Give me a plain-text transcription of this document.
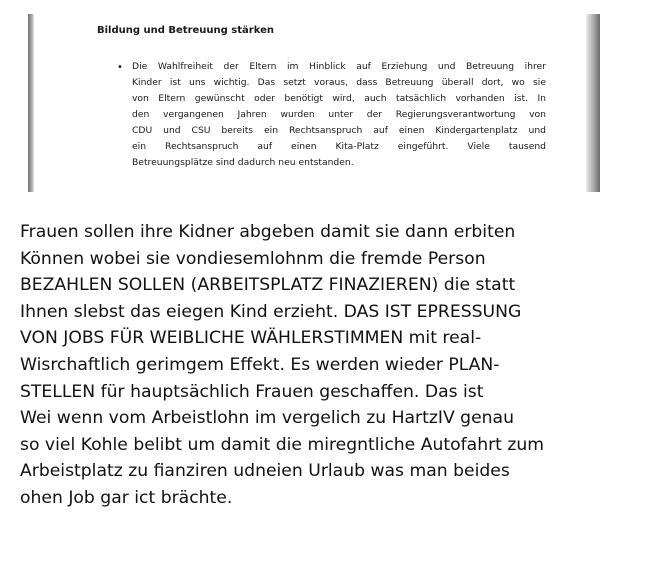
Bildung und Betreuung stärken
• Die Wahlfreiheit der Eltern im Hinblick auf Erziehung und Betreuung ihrer
Kinder ist uns wichtig. Das setzt voraus, dass Betreuung überall dort, wo sie
von Eltern gewünscht oder benötigt wird, auch tatsächlich vorhanden ist. In
den vergangenen Jahren wurden unter der Regierungsverantwortung von
CDU und CSU bereits ein Rechtsanspruch auf einen Kindergartenplatz und
ein Rechtsanspruch auf einen Kita-Platz eingeführt. Viele tausend
Betreuungsplätze sind dadurch neu entstanden.

Frauen sollen ihre Kidner abgeben damit sie dann erbiten
Können wobei sie vondiesemlohnm die fremde Person
BEZAHLEN SOLLEN (ARBEITSPLATZ FINAZIEREN) die statt
Ihnen slebst das eiegen Kind erzieht. DAS IST EPRESSUNG
VON JOBS FÜR WEIBLICHE WÄHLERSTIMMEN mit real-
Wisrchaftlich gerimgem Effekt. Es werden wieder PLAN-
STELLEN für hauptsächlich Frauen geschaffen. Das ist
Wei wenn vom Arbeistlohn im vergelich zu HartzIV genau
so viel Kohle belibt um damit die miregntliche Autofahrt zum
Arbeistplatz zu fianziren udneien Urlaub was man beides
ohen Job gar ict brächte.
